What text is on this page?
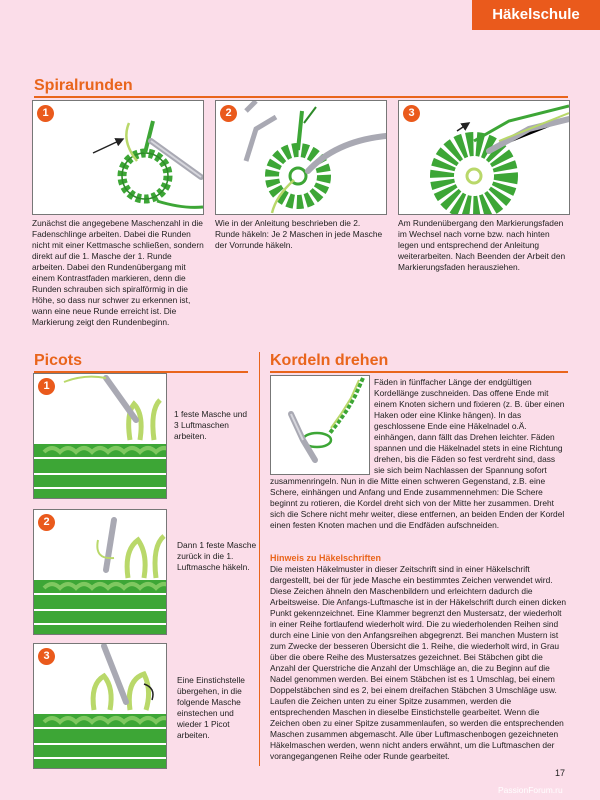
Häkelschule
Spiralrunden
1	2	3
Zunächst die angegebene Maschenzahl in die Fadenschlinge arbeiten. Dabei die Runden nicht mit einer Kettmasche schließen, sondern direkt auf die 1. Masche der 1. Runde arbeiten. Dabei den Rundenübergang mit einem Kontrastfaden markieren, denn die Runden schrauben sich spiralförmig in die Höhe, so dass nur schwer zu erkennen ist, wann eine neue Runde erreicht ist. Die Markierung zeigt den Rundenbeginn.
Wie in der Anleitung beschrieben die 2. Runde häkeln: Je 2 Maschen in jede Masche der Vorrunde häkeln.
Am Rundenübergang den Markierungsfaden im Wechsel nach vorne bzw. nach hinten legen und entsprechend der Anleitung weiterarbeiten. Nach Beenden der Arbeit den Markierungsfaden herausziehen.
Picots
1
1 feste Masche und 3 Luftmaschen arbeiten.
2
Dann 1 feste Masche zurück in die 1. Luftmasche häkeln.
3
Eine Einstichstelle übergehen, in die folgende Masche einstechen und wieder 1 Picot arbeiten.
Kordeln drehen
Fäden in fünffacher Länge der endgültigen Kordellänge zuschneiden. Das offene Ende mit einem Knoten sichern und fixieren (z. B. über einen Haken oder eine Klinke hängen). In das geschlossene Ende eine Häkelnadel o.Ä. einhängen, dann fällt das Drehen leichter. Fäden spannen und die Häkelnadel stets in eine Richtung drehen, bis die Fäden so fest verdreht sind, dass sie sich beim Nachlassen der Spannung sofort zusammenringeln. Nun in die Mitte einen schweren Gegenstand, z.B. eine Schere, einhängen und Anfang und Ende zusammennehmen: Die Schere beginnt zu rotieren, die Kordel dreht sich von der Mitte her zusammen. Dreht sich die Schere nicht mehr weiter, diese entfernen, an beiden Enden der Kordel einen festen Knoten machen und die Endfäden aufschneiden.
Hinweis zu Häkelschriften
Die meisten Häkelmuster in dieser Zeitschrift sind in einer Häkelschrift dargestellt, bei der für jede Masche ein bestimmtes Zeichen verwendet wird. Diese Zeichen ähneln den Maschenbildern und erleichtern dadurch die Arbeitsweise. Die Anfangs-Luftmasche ist in der Häkelschrift durch einen dicken Punkt gekennzeichnet. Eine Klammer begrenzt den Mustersatz, der wiederholt in einer Reihe fortlaufend wiederholt wird. Die zu wiederholenden Reihen sind durch eine Linie von den Anfangsreihen abgegrenzt. Bei manchen Mustern ist zum Zwecke der besseren Übersicht die 1. Reihe, die wiederholt wird, in Grau über die obere Reihe des Mustersatzes gezeichnet. Bei Stäbchen gibt die Anzahl der Querstriche die Anzahl der Umschläge an, die zu Beginn auf die Nadel genommen werden. Bei einem Stäbchen ist es 1 Umschlag, bei einem Doppelstäbchen sind es 2, bei einem dreifachen Stäbchen 3 Umschläge usw. Laufen die Zeichen unten zu einer Spitze zusammen, werden die entsprechenden Maschen in dieselbe Einstichstelle gearbeitet. Wenn die Zeichen oben zu einer Spitze zusammenlaufen, so werden die entsprechenden Maschen zusammen abgemascht. Alle über Luftmaschenbogen gezeichneten Häkelmaschen werden, wenn nicht anders erwähnt, um die Luftmaschen der vorangegangenen Reihe oder Runde gearbeitet.
17
PassionForum.ru
